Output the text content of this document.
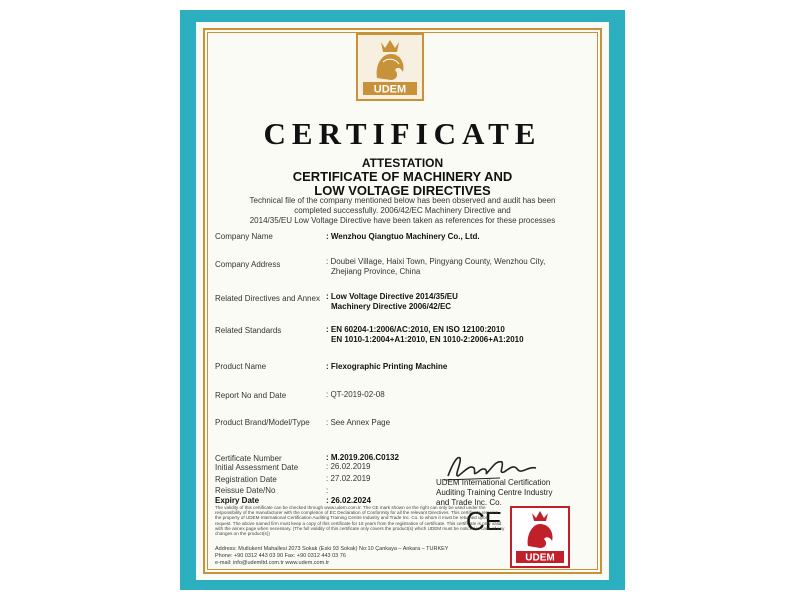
UDEM
CERTIFICATE
ATTESTATION
CERTIFICATE OF MACHINERY AND
LOW VOLTAGE DIRECTIVES
Technical file of the company mentioned below has been observed and audit has been
completed successfully. 2006/42/EC Machinery Directive and
2014/35/EU Low Voltage Directive have been taken as references for these processes
Company Name	: Wenzhou Qiangtuo Machinery Co., Ltd.
Company Address	: Doubei Village, Haixi Town, Pingyang County, Wenzhou City,
Zhejiang Province, China
Related Directives and Annex : Low Voltage Directive 2014/35/EU
Machinery Directive 2006/42/EC
Related Standards	: EN 60204-1:2006/AC:2010, EN ISO 12100:2010
EN 1010-1:2004+A1:2010, EN 1010-2:2006+A1:2010
Product Name	: Flexographic Printing Machine
Report No and Date	: QT-2019-02-08
Product Brand/Model/Type : See Annex Page
Certificate Number	: M.2019.206.C0132
Initial Assessment Date	: 26.02.2019
Registration Date	: 27.02.2019
Reissue Date/No	:
Expiry Date	: 26.02.2024
UDEM International Certification
Auditing Training Centre Industry
and Trade Inc. Co.
CE
UDEM
The validity of this certificate can be checked through www.udem.com.tr. The CE mark shown on the right can only be used under the responsibility of the manufacturer with the completion of EC Declaration of Conformity for all the relevant Directives. This certificate remains the property of UDEM International Certification Auditing Training Centre Industry and Trade Inc. Co. to whom it must be returned upon request. The above named firm must keep a copy of this certificate for 15 years from the registration of certificate. This certificate is only valid with the annex page when necessary. (The full validity of this certificate only covers the product(s) which UDEM must be noticed in case of any changes on the product(s))
Address: Mutlukent Mahallesi 2073 Sokak (Eski 93 Sokak) No:10 Çankaya – Ankara – TURKEY
Phone: +90 0312 443 03 90 Fax: +90 0312 443 03 76
e-mail: info@udemltd.com.tr www.udem.com.tr
